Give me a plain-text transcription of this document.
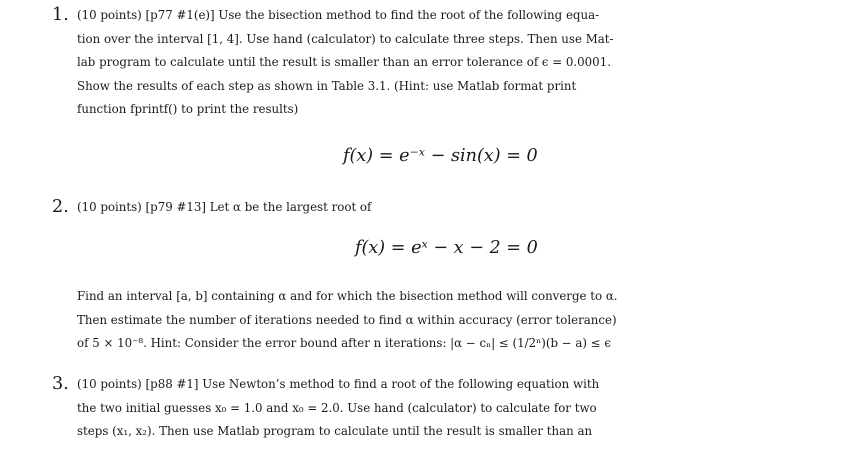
1. (10 points) [p77 #1(e)] Use the bisection method to find the root of the following equa-
tion over the interval [1, 4]. Use hand (calculator) to calculate three steps. Then use Mat-
lab program to calculate until the result is smaller than an error tolerance of ϵ = 0.0001.
Show the results of each step as shown in Table 3.1. (Hint: use Matlab format print
function fprintf() to print the results)
f(x) = e⁻ˣ − sin(x) = 0
2. (10 points) [p79 #13] Let α be the largest root of
f(x) = eˣ − x − 2 = 0
Find an interval [a, b] containing α and for which the bisection method will converge to α.
Then estimate the number of iterations needed to find α within accuracy (error tolerance)
of 5 × 10⁻⁸. Hint: Consider the error bound after n iterations: |α − cₙ| ≤ (1/2ⁿ)(b − a) ≤ ϵ
3. (10 points) [p88 #1] Use Newton’s method to find a root of the following equation with
the two initial guesses x₀ = 1.0 and x₀ = 2.0. Use hand (calculator) to calculate for two
steps (x₁, x₂). Then use Matlab program to calculate until the result is smaller than an
